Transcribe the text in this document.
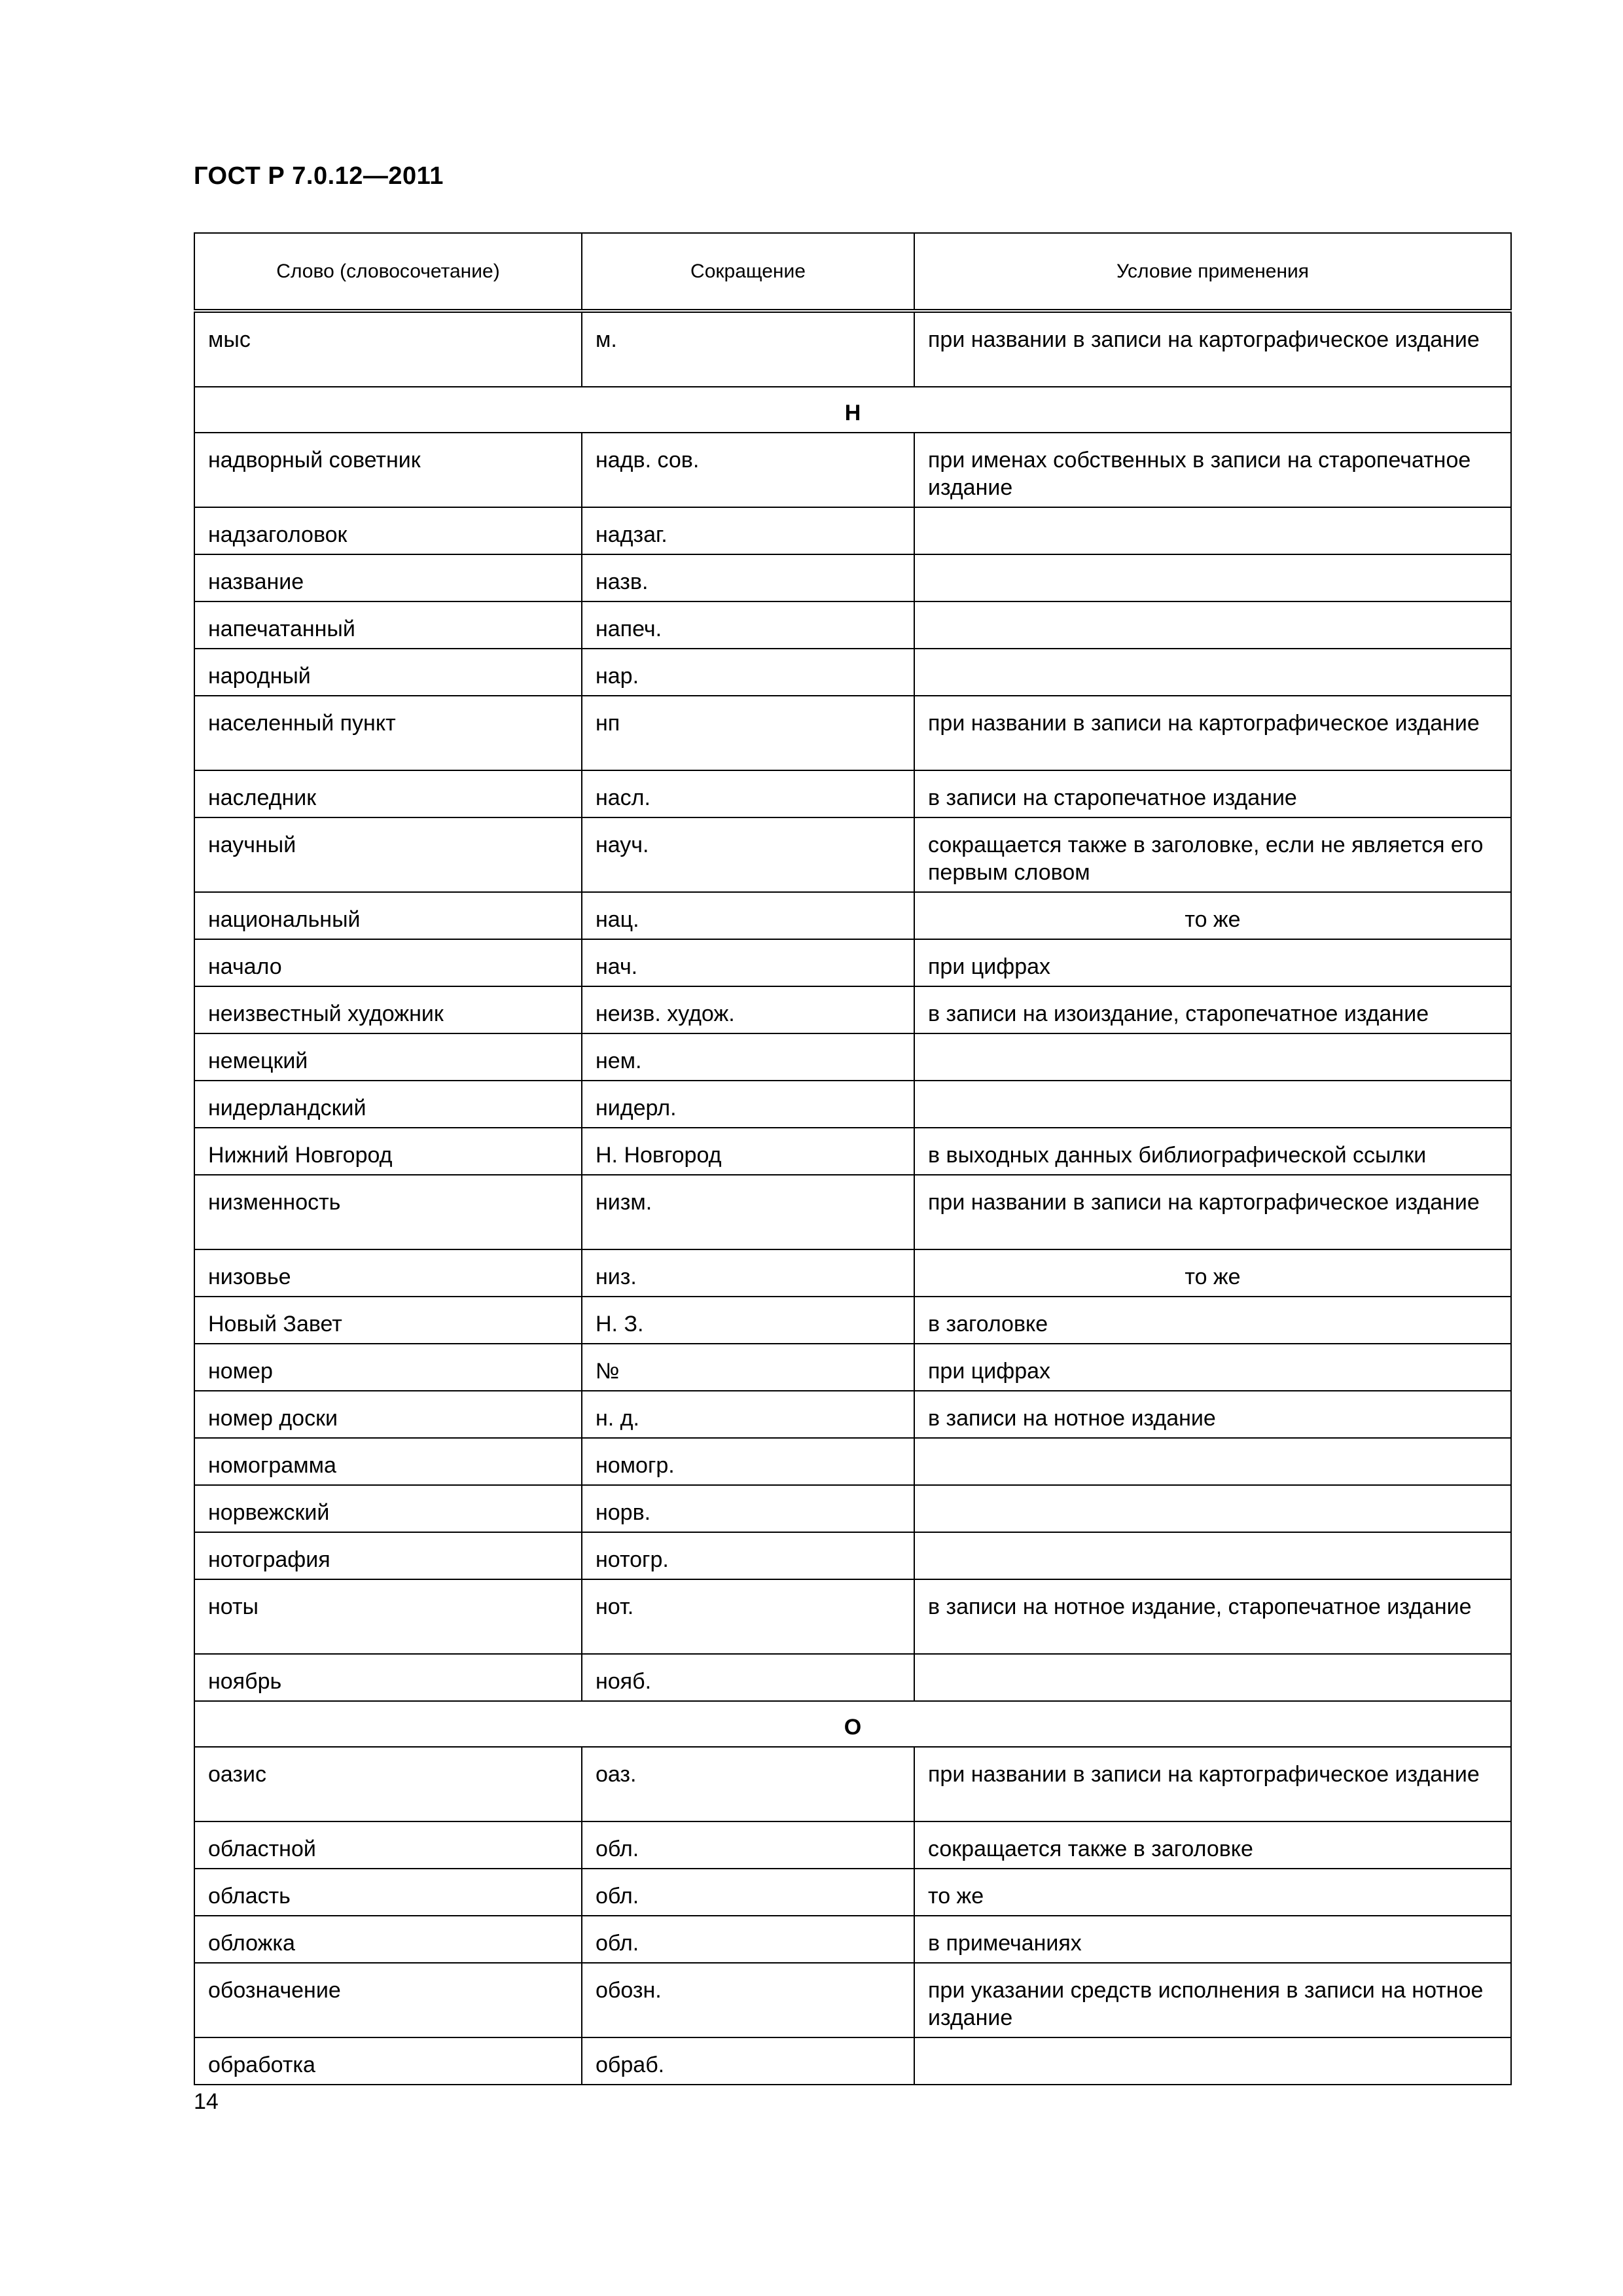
ГОСТ Р 7.0.12—2011
Слово (словосочетание)	Сокращение	Условие применения
мыс	м.	при названии в записи на картографическое издание
Н		
надворный советник	надв. сов.	при именах собственных в записи на старопечатное издание
надзаголовок	надзаг.	
название	назв.	
напечатанный	напеч.	
народный	нар.	
населенный пункт	нп	при названии в записи на картографическое издание
наследник	насл.	в записи на старопечатное издание
научный	науч.	сокращается также в заголовке, если не является его первым словом
национальный	нац.	то же
начало	нач.	при цифрах
неизвестный художник	неизв. худож.	в записи на изоиздание, старопечатное издание
немецкий	нем.	
нидерландский	нидерл.	
Нижний Новгород	Н. Новгород	в выходных данных библиографической ссылки
низменность	низм.	при названии в записи на картографическое издание
низовье	низ.	то же
Новый Завет	Н. З.	в заголовке
номер	№	при цифрах
номер доски	н. д.	в записи на нотное издание
номограмма	номогр.	
норвежский	норв.	
нотография	нотогр.	
ноты	нот.	в записи на нотное издание, старопечатное издание
ноябрь	нояб.	
О		
оазис	оаз.	при названии в записи на картографическое издание
областной	обл.	сокращается также в заголовке
область	обл.	то же
обложка	обл.	в примечаниях
обозначение	обозн.	при указании средств исполнения в записи на нотное издание
обработка	обраб.	
14
